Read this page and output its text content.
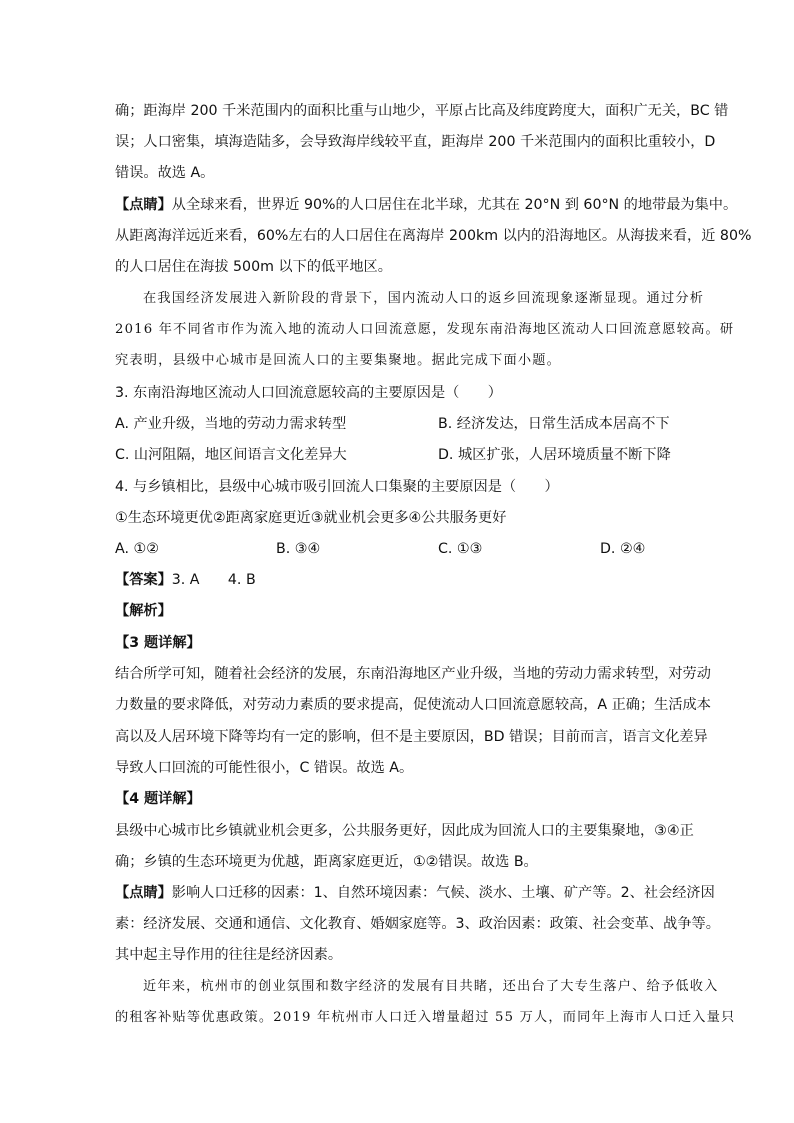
确；距海岸 200 千米范围内的面积比重与山地少，平原占比高及纬度跨度大，面积广无关，BC 错
误；人口密集，填海造陆多，会导致海岸线较平直，距海岸 200 千米范围内的面积比重较小，D
错误。故选 A。
【点睛】从全球来看，世界近 90%的人口居住在北半球，尤其在 20°N 到 60°N 的地带最为集中。
从距离海洋远近来看，60%左右的人口居住在离海岸 200km 以内的沿海地区。从海拔来看，近 80%
的人口居住在海拔 500m 以下的低平地区。
在我国经济发展进入新阶段的背景下，国内流动人口的返乡回流现象逐渐显现。通过分析
2016 年不同省市作为流入地的流动人口回流意愿，发现东南沿海地区流动人口回流意愿较高。研
究表明，县级中心城市是回流人口的主要集聚地。据此完成下面小题。
3. 东南沿海地区流动人口回流意愿较高的主要原因是（　　）
A. 产业升级，当地的劳动力需求转型	B. 经济发达，日常生活成本居高不下
C. 山河阻隔，地区间语言文化差异大	D. 城区扩张，人居环境质量不断下降
4. 与乡镇相比，县级中心城市吸引回流人口集聚的主要原因是（　　）
①生态环境更优②距离家庭更近③就业机会更多④公共服务更好
A. ①②	B. ③④	C. ①③	D. ②④
【答案】3. A　　4. B
【解析】
【3 题详解】
结合所学可知，随着社会经济的发展，东南沿海地区产业升级，当地的劳动力需求转型，对劳动
力数量的要求降低，对劳动力素质的要求提高，促使流动人口回流意愿较高，A 正确；生活成本
高以及人居环境下降等均有一定的影响，但不是主要原因，BD 错误；目前而言，语言文化差异
导致人口回流的可能性很小，C 错误。故选 A。
【4 题详解】
县级中心城市比乡镇就业机会更多，公共服务更好，因此成为回流人口的主要集聚地，③④正
确；乡镇的生态环境更为优越，距离家庭更近，①②错误。故选 B。
【点睛】影响人口迁移的因素：1、自然环境因素：气候、淡水、土壤、矿产等。2、社会经济因
素：经济发展、交通和通信、文化教育、婚姻家庭等。3、政治因素：政策、社会变革、战争等。
其中起主导作用的往往是经济因素。
近年来，杭州市的创业氛围和数字经济的发展有目共睹，还出台了大专生落户、给予低收入
的租客补贴等优惠政策。2019 年杭州市人口迁入增量超过 55 万人，而同年上海市人口迁入量只
